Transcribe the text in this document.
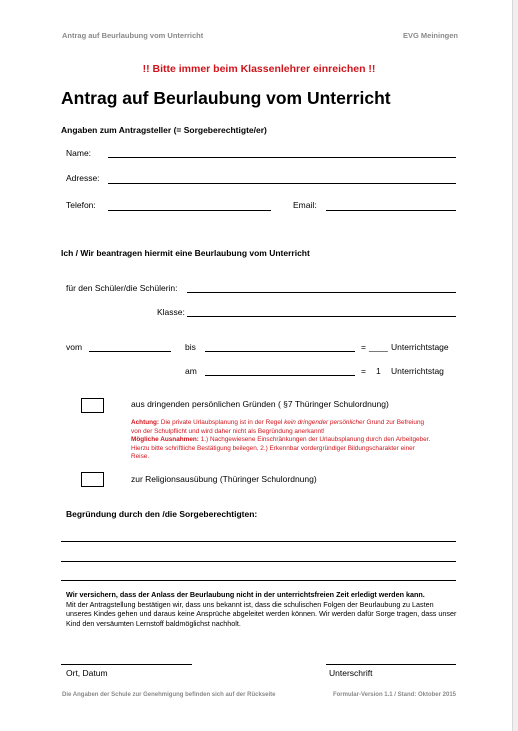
Antrag auf Beurlaubung vom Unterricht	EVG Meiningen
!! Bitte immer beim Klassenlehrer einreichen !!
Antrag auf Beurlaubung vom Unterricht
Angaben zum Antragsteller (= Sorgeberechtigte/er)
Name:
Adresse:
Telefon:	Email:
Ich / Wir beantragen hiermit eine Beurlaubung vom Unterricht
für den Schüler/die Schülerin:
Klasse:
vom	bis	= ____ Unterrichtstage
am	= 1 Unterrichtstag
aus dringenden persönlichen Gründen ( §7 Thüringer Schulordnung)
Achtung: Die private Urlaubsplanung ist in der Regel kein dringender persönlicher Grund zur Befreiung von der Schulpflicht und wird daher nicht als Begründung anerkannt!
Mögliche Ausnahmen: 1.) Nachgewiesene Einschränkungen der Urlaubsplanung durch den Arbeitgeber. Hierzu bitte schriftliche Bestätigung beilegen. 2.) Erkennbar vordergründiger Bildungscharakter einer Reise.
zur Religionsausübung (Thüringer Schulordnung)
Begründung durch den /die Sorgeberechtigten:
Wir versichern, dass der Anlass der Beurlaubung nicht in der unterrichtsfreien Zeit erledigt werden kann.
Mit der Antragstellung bestätigen wir, dass uns bekannt ist, dass die schulischen Folgen der Beurlaubung zu Lasten unseres Kindes gehen und daraus keine Ansprüche abgeleitet werden können. Wir werden dafür Sorge tragen, dass unser Kind den versäumten Lernstoff baldmöglichst nachholt.
Ort, Datum	Unterschrift
Die Angaben der Schule zur Genehmigung befinden sich auf der Rückseite	Formular-Version 1.1 / Stand: Oktober 2015
